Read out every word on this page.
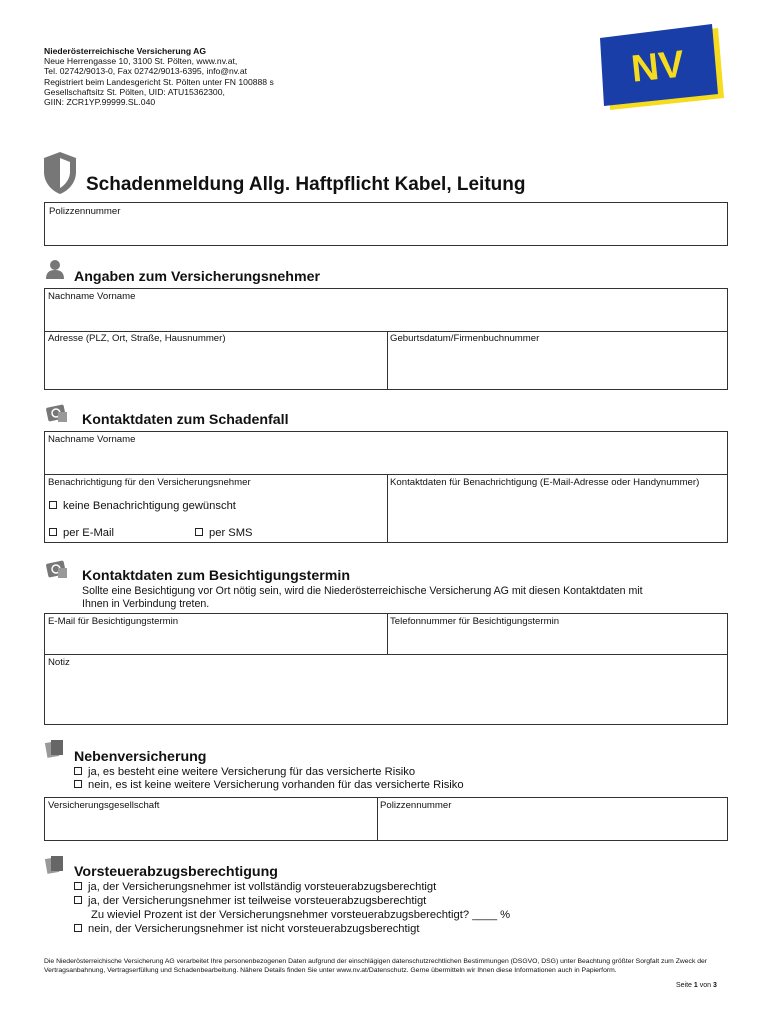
Niederösterreichische Versicherung AG
Neue Herrengasse 10, 3100 St. Pölten, www.nv.at,
Tel. 02742/9013-0, Fax 02742/9013-6395, info@nv.at
Registriert beim Landesgericht St. Pölten unter FN 100888 s
Gesellschaftsitz St. Pölten, UID: ATU15362300,
GIIN: ZCR1YP.99999.SL.040
NV
Schadenmeldung Allg. Haftpflicht Kabel, Leitung
Polizzennummer
Angaben zum Versicherungsnehmer
Nachname Vorname
Adresse (PLZ, Ort, Straße, Hausnummer)	Geburtsdatum/Firmenbuchnummer
Kontaktdaten zum Schadenfall
Nachname Vorname
Benachrichtigung für den Versicherungsnehmer	Kontaktdaten für Benachrichtigung (E-Mail-Adresse oder Handynummer)
keine Benachrichtigung gewünscht
per E-Mail	per SMS
Kontaktdaten zum Besichtigungstermin
Sollte eine Besichtigung vor Ort nötig sein, wird die Niederösterreichische Versicherung AG mit diesen Kontaktdaten mit
Ihnen in Verbindung treten.
E-Mail für Besichtigungstermin	Telefonnummer für Besichtigungstermin
Notiz
Nebenversicherung
ja, es besteht eine weitere Versicherung für das versicherte Risiko
nein, es ist keine weitere Versicherung vorhanden für das versicherte Risiko
Versicherungsgesellschaft	Polizzennummer
Vorsteuerabzugsberechtigung
ja, der Versicherungsnehmer ist vollständig vorsteuerabzugsberechtigt
ja, der Versicherungsnehmer ist teilweise vorsteuerabzugsberechtigt
Zu wieviel Prozent ist der Versicherungsnehmer vorsteuerabzugsberechtigt? ____ %
nein, der Versicherungsnehmer ist nicht vorsteuerabzugsberechtigt
Die Niederösterreichische Versicherung AG verarbeitet Ihre personenbezogenen Daten aufgrund der einschlägigen datenschutzrechtlichen Bestimmungen (DSGVO, DSG) unter Beachtung größter Sorgfalt zum Zweck der Vertragsanbahnung, Vertragserfüllung und Schadenbearbeitung. Nähere Details finden Sie unter www.nv.at/Datenschutz. Gerne übermitteln wir Ihnen diese Informationen auch in Papierform.
Seite 1 von 3
